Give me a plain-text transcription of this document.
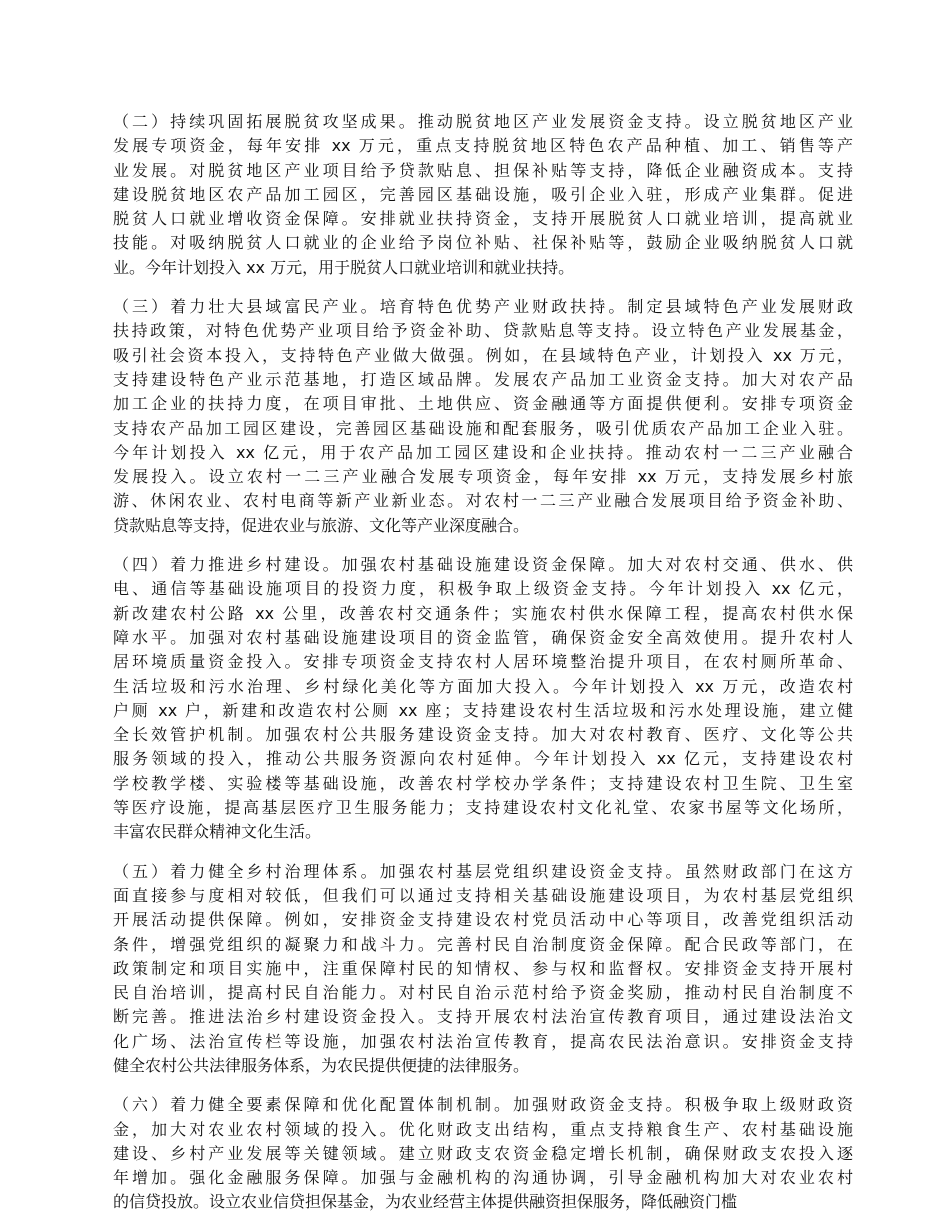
（二）持续巩固拓展脱贫攻坚成果。推动脱贫地区产业发展资金支持。设立脱贫地区产业
发展专项资金，每年安排 xx 万元，重点支持脱贫地区特色农产品种植、加工、销售等产
业发展。对脱贫地区产业项目给予贷款贴息、担保补贴等支持，降低企业融资成本。支持
建设脱贫地区农产品加工园区，完善园区基础设施，吸引企业入驻，形成产业集群。促进
脱贫人口就业增收资金保障。安排就业扶持资金，支持开展脱贫人口就业培训，提高就业
技能。对吸纳脱贫人口就业的企业给予岗位补贴、社保补贴等，鼓励企业吸纳脱贫人口就
业。今年计划投入 xx 万元，用于脱贫人口就业培训和就业扶持。
（三）着力壮大县域富民产业。培育特色优势产业财政扶持。制定县域特色产业发展财政
扶持政策，对特色优势产业项目给予资金补助、贷款贴息等支持。设立特色产业发展基金，
吸引社会资本投入，支持特色产业做大做强。例如，在县域特色产业，计划投入 xx 万元，
支持建设特色产业示范基地，打造区域品牌。发展农产品加工业资金支持。加大对农产品
加工企业的扶持力度，在项目审批、土地供应、资金融通等方面提供便利。安排专项资金
支持农产品加工园区建设，完善园区基础设施和配套服务，吸引优质农产品加工企业入驻。
今年计划投入 xx 亿元，用于农产品加工园区建设和企业扶持。推动农村一二三产业融合
发展投入。设立农村一二三产业融合发展专项资金，每年安排 xx 万元，支持发展乡村旅
游、休闲农业、农村电商等新产业新业态。对农村一二三产业融合发展项目给予资金补助、
贷款贴息等支持，促进农业与旅游、文化等产业深度融合。
（四）着力推进乡村建设。加强农村基础设施建设资金保障。加大对农村交通、供水、供
电、通信等基础设施项目的投资力度，积极争取上级资金支持。今年计划投入 xx 亿元，
新改建农村公路 xx 公里，改善农村交通条件；实施农村供水保障工程，提高农村供水保
障水平。加强对农村基础设施建设项目的资金监管，确保资金安全高效使用。提升农村人
居环境质量资金投入。安排专项资金支持农村人居环境整治提升项目，在农村厕所革命、
生活垃圾和污水治理、乡村绿化美化等方面加大投入。今年计划投入 xx 万元，改造农村
户厕 xx 户，新建和改造农村公厕 xx 座；支持建设农村生活垃圾和污水处理设施，建立健
全长效管护机制。加强农村公共服务建设资金支持。加大对农村教育、医疗、文化等公共
服务领域的投入，推动公共服务资源向农村延伸。今年计划投入 xx 亿元，支持建设农村
学校教学楼、实验楼等基础设施，改善农村学校办学条件；支持建设农村卫生院、卫生室
等医疗设施，提高基层医疗卫生服务能力；支持建设农村文化礼堂、农家书屋等文化场所，
丰富农民群众精神文化生活。
（五）着力健全乡村治理体系。加强农村基层党组织建设资金支持。虽然财政部门在这方
面直接参与度相对较低，但我们可以通过支持相关基础设施建设项目，为农村基层党组织
开展活动提供保障。例如，安排资金支持建设农村党员活动中心等项目，改善党组织活动
条件，增强党组织的凝聚力和战斗力。完善村民自治制度资金保障。配合民政等部门，在
政策制定和项目实施中，注重保障村民的知情权、参与权和监督权。安排资金支持开展村
民自治培训，提高村民自治能力。对村民自治示范村给予资金奖励，推动村民自治制度不
断完善。推进法治乡村建设资金投入。支持开展农村法治宣传教育项目，通过建设法治文
化广场、法治宣传栏等设施，加强农村法治宣传教育，提高农民法治意识。安排资金支持
健全农村公共法律服务体系，为农民提供便捷的法律服务。
（六）着力健全要素保障和优化配置体制机制。加强财政资金支持。积极争取上级财政资
金，加大对农业农村领域的投入。优化财政支出结构，重点支持粮食生产、农村基础设施
建设、乡村产业发展等关键领域。建立财政支农资金稳定增长机制，确保财政支农投入逐
年增加。强化金融服务保障。加强与金融机构的沟通协调，引导金融机构加大对农业农村
的信贷投放。设立农业信贷担保基金，为农业经营主体提供融资担保服务，降低融资门槛
